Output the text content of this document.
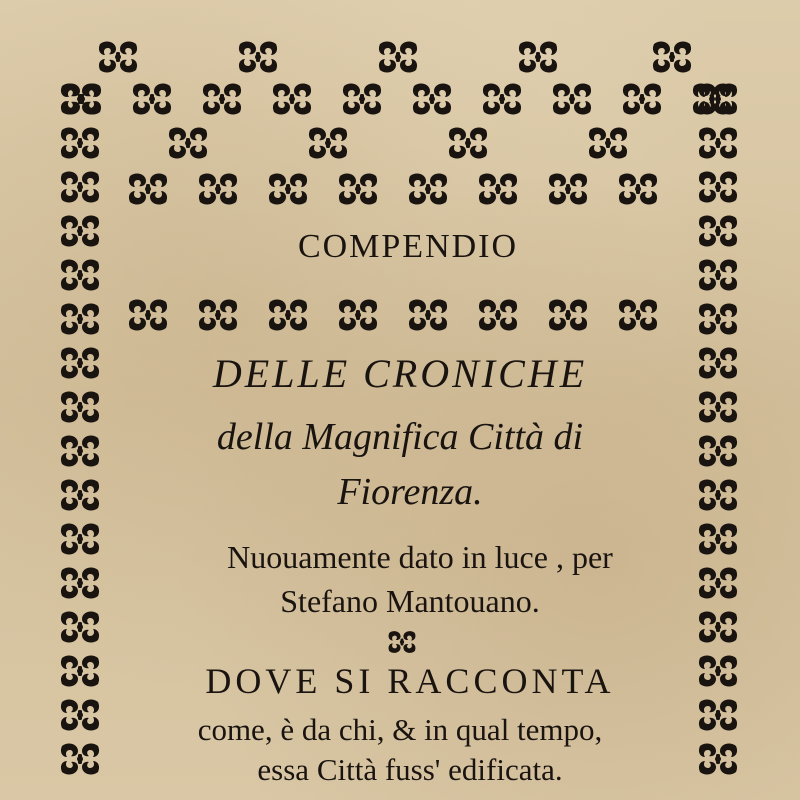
COMPENDIO
DELLE CRONICHE
della Magnifica Città di
Fiorenza.
Nuouamente dato in luce , per
Stefano Mantouano.
DOVE SI RACCONTA
come, è da chi, & in qual tempo,
essa Città fuss' edificata.
